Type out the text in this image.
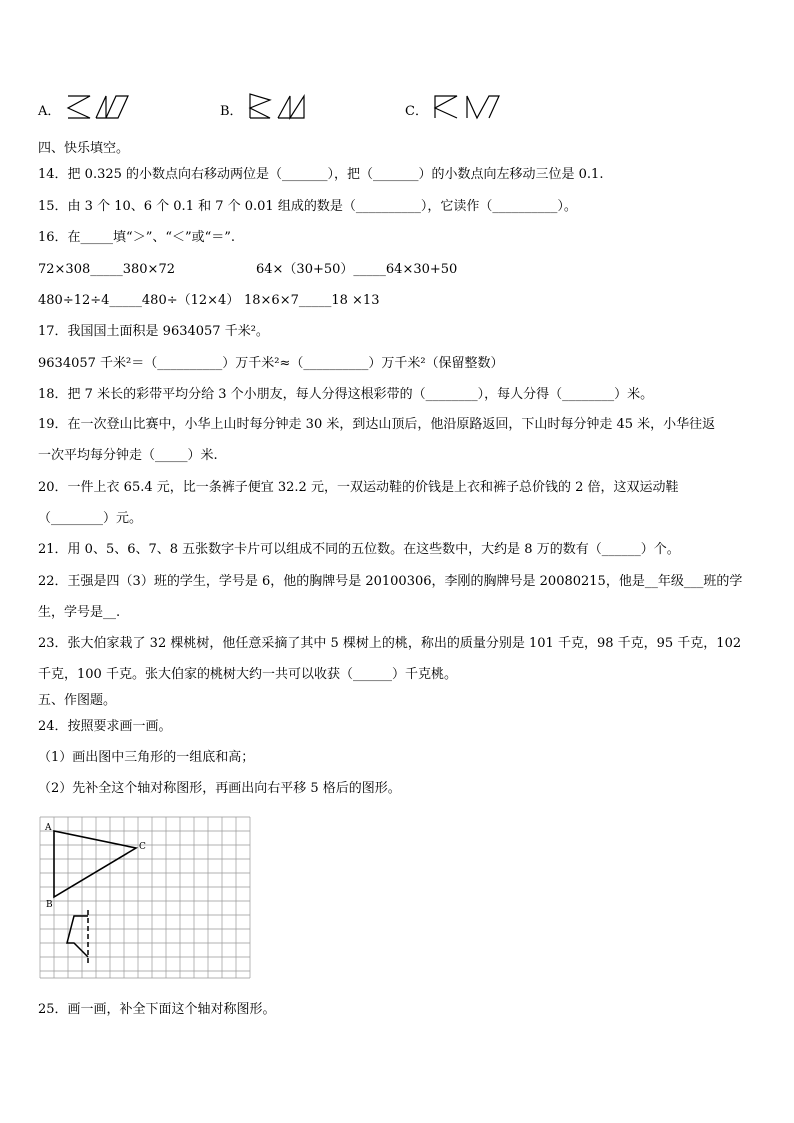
A．	B．	C．
四、快乐填空。
14．把 0.325 的小数点向右移动两位是（_______），把（_______）的小数点向左移动三位是 0.1.
15．由 3 个 10、6 个 0.1 和 7 个 0.01 组成的数是（__________），它读作（__________）。
16．在_____填“＞”、“＜”或“＝”.
72×308_____380×72	64×（30+50）_____64×30+50
480÷12÷4_____480÷（12×4） 18×6×7_____18 ×13
17．我国国土面积是 9634057 千米²。
9634057 千米²＝（__________）万千米²≈（__________）万千米²（保留整数）
18．把 7 米长的彩带平均分给 3 个小朋友，每人分得这根彩带的（________），每人分得（________）米。
19．在一次登山比赛中，小华上山时每分钟走 30 米，到达山顶后，他沿原路返回，下山时每分钟走 45 米，小华往返
一次平均每分钟走（_____）米.
20．一件上衣 65.4 元，比一条裤子便宜 32.2 元，一双运动鞋的价钱是上衣和裤子总价钱的 2 倍，这双运动鞋
（________）元。
21．用 0、5、6、7、8 五张数字卡片可以组成不同的五位数。在这些数中，大约是 8 万的数有（______）个。
22．王强是四（3）班的学生，学号是 6，他的胸牌号是 20100306，李刚的胸牌号是 20080215，他是__年级___班的学
生，学号是__.
23．张大伯家栽了 32 棵桃树，他任意采摘了其中 5 棵树上的桃，称出的质量分别是 101 千克，98 千克，95 千克，102
千克，100 千克。张大伯家的桃树大约一共可以收获（______）千克桃。
五、作图题。
24．按照要求画一画。
（1）画出图中三角形的一组底和高；
（2）先补全这个轴对称图形，再画出向右平移 5 格后的图形。
A
B
C
25．画一画，补全下面这个轴对称图形。
